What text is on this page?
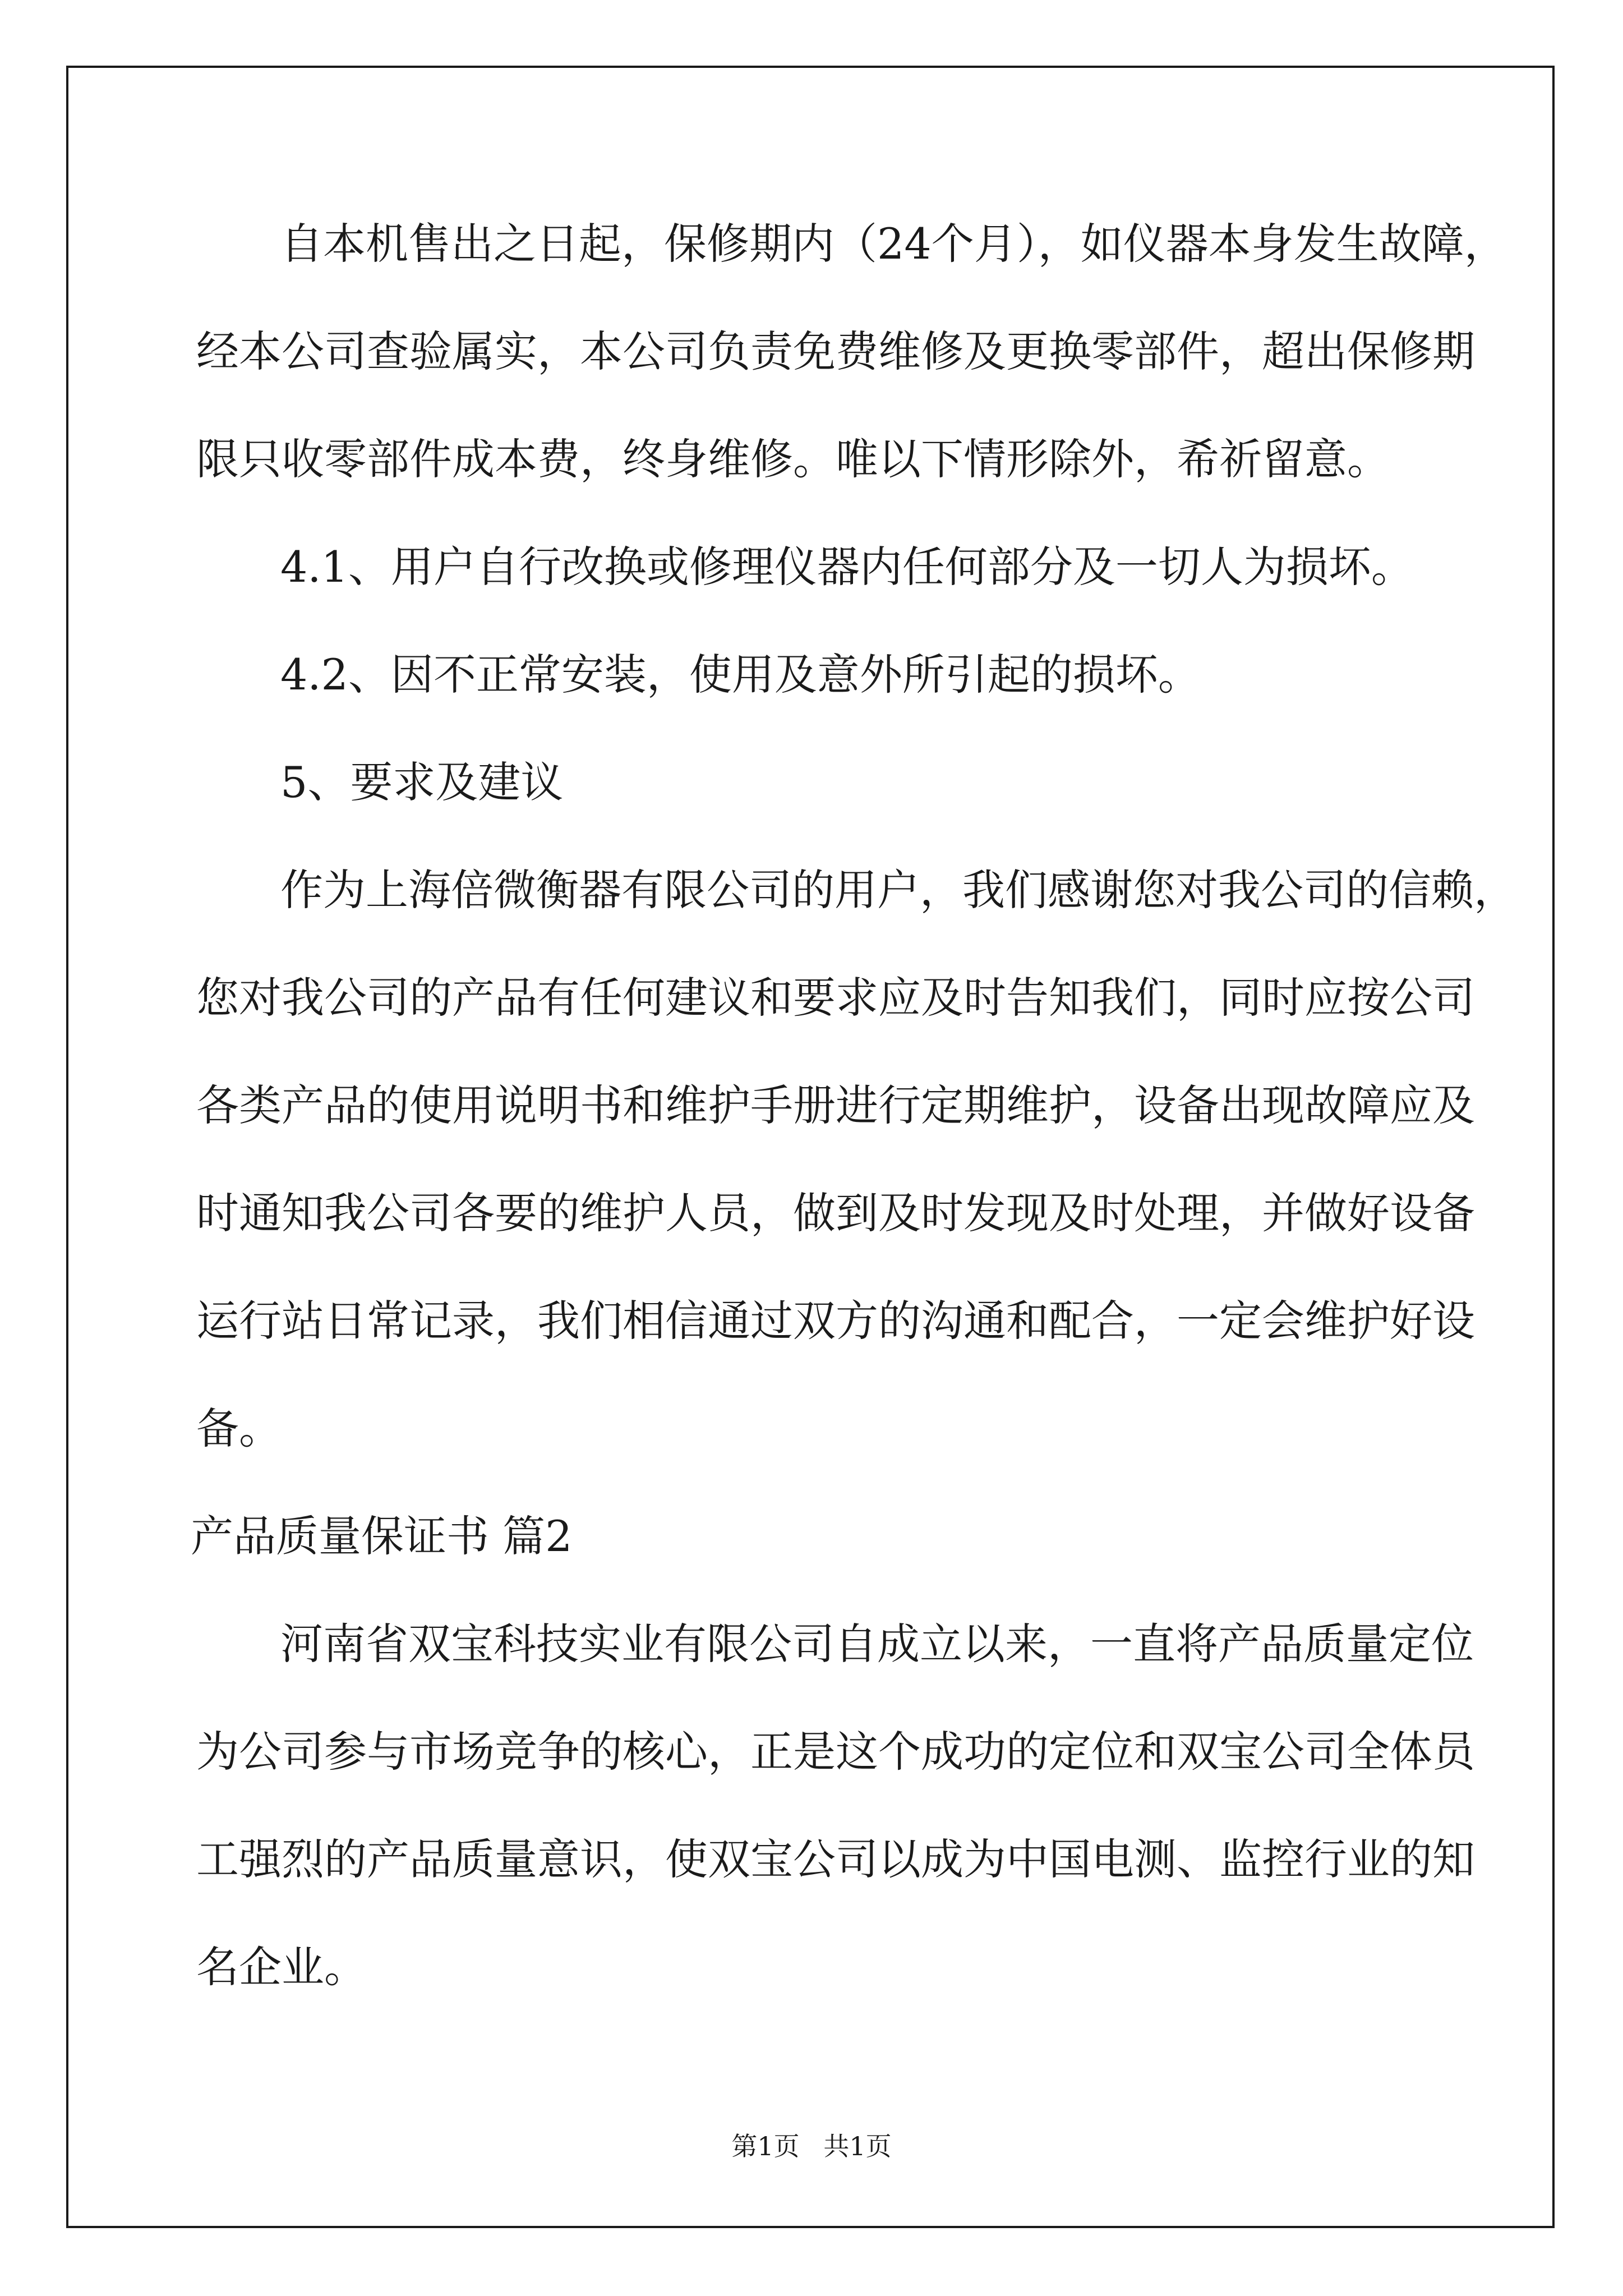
自本机售出之日起，保修期内（24个月），如仪器本身发生故障，
经本公司查验属实，本公司负责免费维修及更换零部件，超出保修期
限只收零部件成本费，终身维修。唯以下情形除外，希祈留意。
4.1、用户自行改换或修理仪器内任何部分及一切人为损坏。
4.2、因不正常安装，使用及意外所引起的损坏。
5、要求及建议
作为上海倍微衡器有限公司的用户，我们感谢您对我公司的信赖，
您对我公司的产品有任何建议和要求应及时告知我们，同时应按公司
各类产品的使用说明书和维护手册进行定期维护，设备出现故障应及
时通知我公司各要的维护人员，做到及时发现及时处理，并做好设备
运行站日常记录，我们相信通过双方的沟通和配合，一定会维护好设
备。
产品质量保证书 篇2
河南省双宝科技实业有限公司自成立以来，一直将产品质量定位
为公司参与市场竞争的核心，正是这个成功的定位和双宝公司全体员
工强烈的产品质量意识，使双宝公司以成为中国电测、监控行业的知
名企业。
第1页 共1页
